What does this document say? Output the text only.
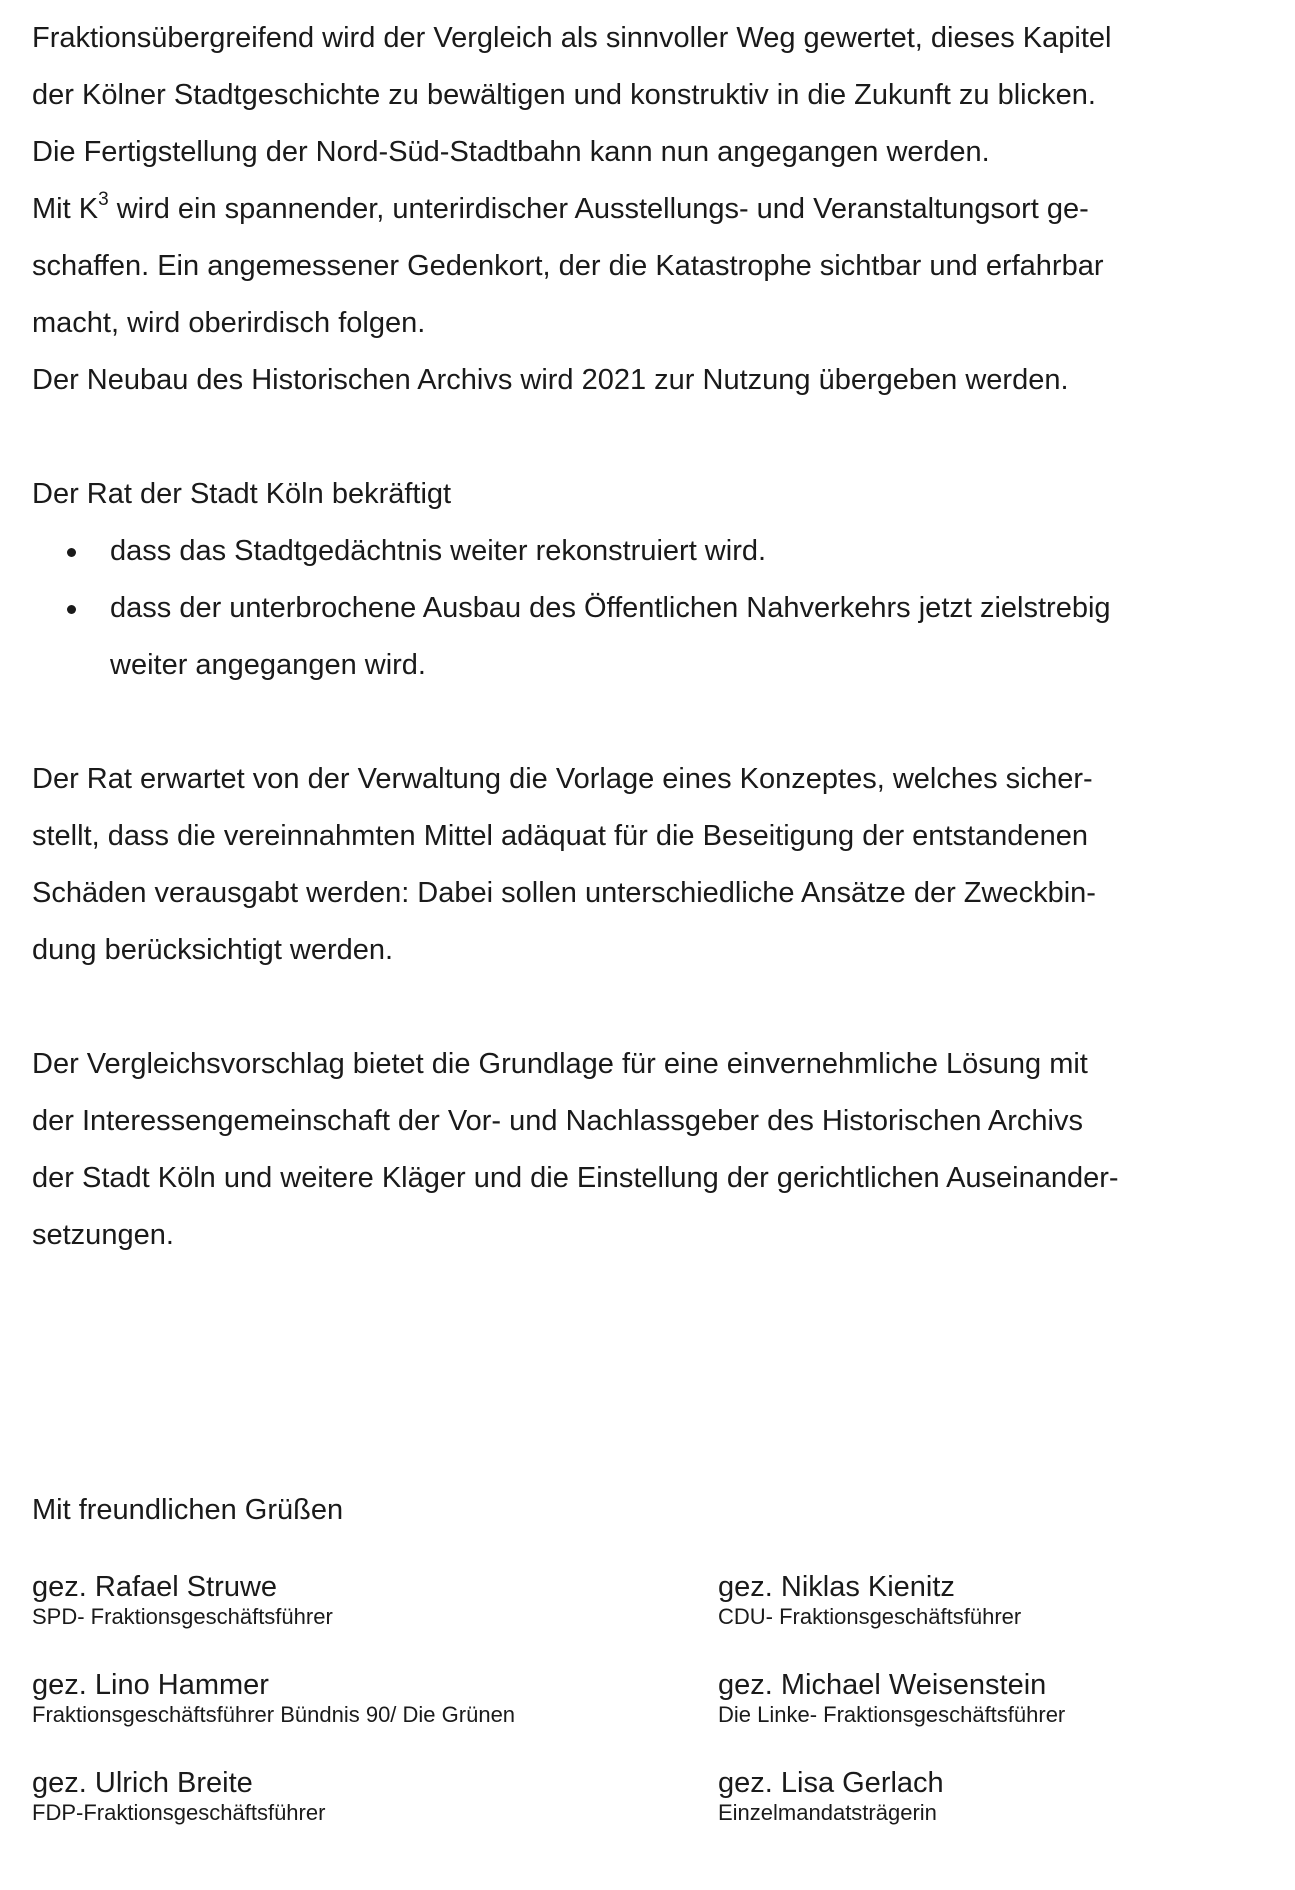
Fraktionsübergreifend wird der Vergleich als sinnvoller Weg gewertet, dieses Kapitel

der Kölner Stadtgeschichte zu bewältigen und konstruktiv in die Zukunft zu blicken.

Die Fertigstellung der Nord-Süd-Stadtbahn kann nun angegangen werden.

Mit $K^3$ wird ein spannender, unterirdischer Ausstellungs- und Veranstaltungsort ge-

schaffen. Ein angemessener Gedenkort, der die Katastrophe sichtbar und erfahrbar

macht, wird oberirdisch folgen.

Der Neubau des Historischen Archivs wird 2021 zur Nutzung übergeben werden.

Der Rat der Stadt Köln bekräftigt

dass das Stadtgedächtnis weiter rekonstruiert wird.

dass der unterbrochene Ausbau des Öffentlichen Nahverkehrs jetzt zielstrebig

weiter angegangen wird.

Der Rat erwartet von der Verwaltung die Vorlage eines Konzeptes, welches sicher-

stellt, dass die vereinnahmten Mittel adäquat für die Beseitigung der entstandenen

Schäden verausgabt werden: Dabei sollen unterschiedliche Ansätze der Zweckbin-

dung berücksichtigt werden.

Der Vergleichsvorschlag bietet die Grundlage für eine einvernehmliche Lösung mit

der Interessengemeinschaft der Vor- und Nachlassgeber des Historischen Archivs

der Stadt Köln und weitere Kläger und die Einstellung der gerichtlichen Auseinander-

setzungen.

Mit freundlichen Grüßen
gez. Rafael Struwe
SPD- Fraktionsgeschäftsführer
gez. Niklas Kienitz
CDU- Fraktionsgeschäftsführer
gez. Lino Hammer
Fraktionsgeschäftsführer Bündnis 90/ Die Grünen
gez. Michael Weisenstein
Die Linke- Fraktionsgeschäftsführer
gez. Ulrich Breite
FDP-Fraktionsgeschäftsführer
gez. Lisa Gerlach
Einzelmandatsträgerin
